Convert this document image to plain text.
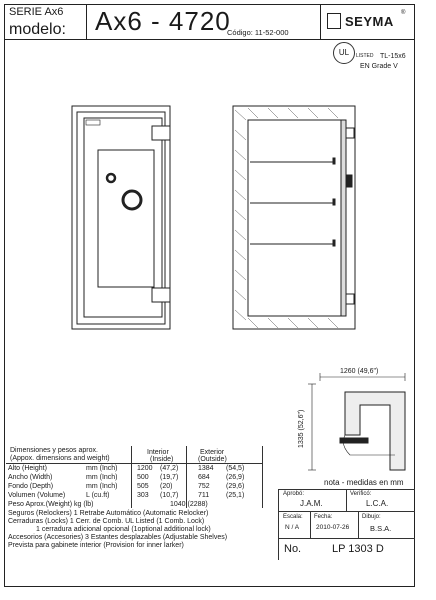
SERIE Ax6
modelo: Ax6 - 4720
Código: 11-52-000
SEYMA
®
UL	LISTED TL-15x6
EN Grade V
Dimensiones y pesos aprox.
(Appox. dimensions and weight)
Interior
(Inside)
Exterior
(Outside)
Alto (Height)	mm (Inch)	1200 (47,2)	1384 (54,5)
Ancho (Width)	mm (Inch)	500 (19,7)	684 (26,9)
Fondo (Depth)	mm (Inch)	505 (20)	752 (29,6)
Volumen (Volume)	L (cu.ft)	303 (10,7)	711 (25,1)
Peso Aprox.(Weight) kg (lb)	1040 (2288)
Seguros (Relockers) 1 Retrabe Automático (Automatic Relocker)
Cerraduras (Locks) 1 Cerr. de Comb. UL Listed (1 Comb. Lock)
1 cerradura adicional opcional (1optional additional lock)
Accesorios (Accesories) 3 Estantes desplazables (Adjustable Shelves)
Prevista para gabinete interior (Provision for inner larker)
1260 (49,6")
1335 (52,6")
nota - medidas en mm
Aprobó:
J.A.M.
Verificó:
L.C.A.
Escala:
N / A
Fecha:
2010-07-26
Dibujo:
B.S.A.
No.	LP 1303 D
